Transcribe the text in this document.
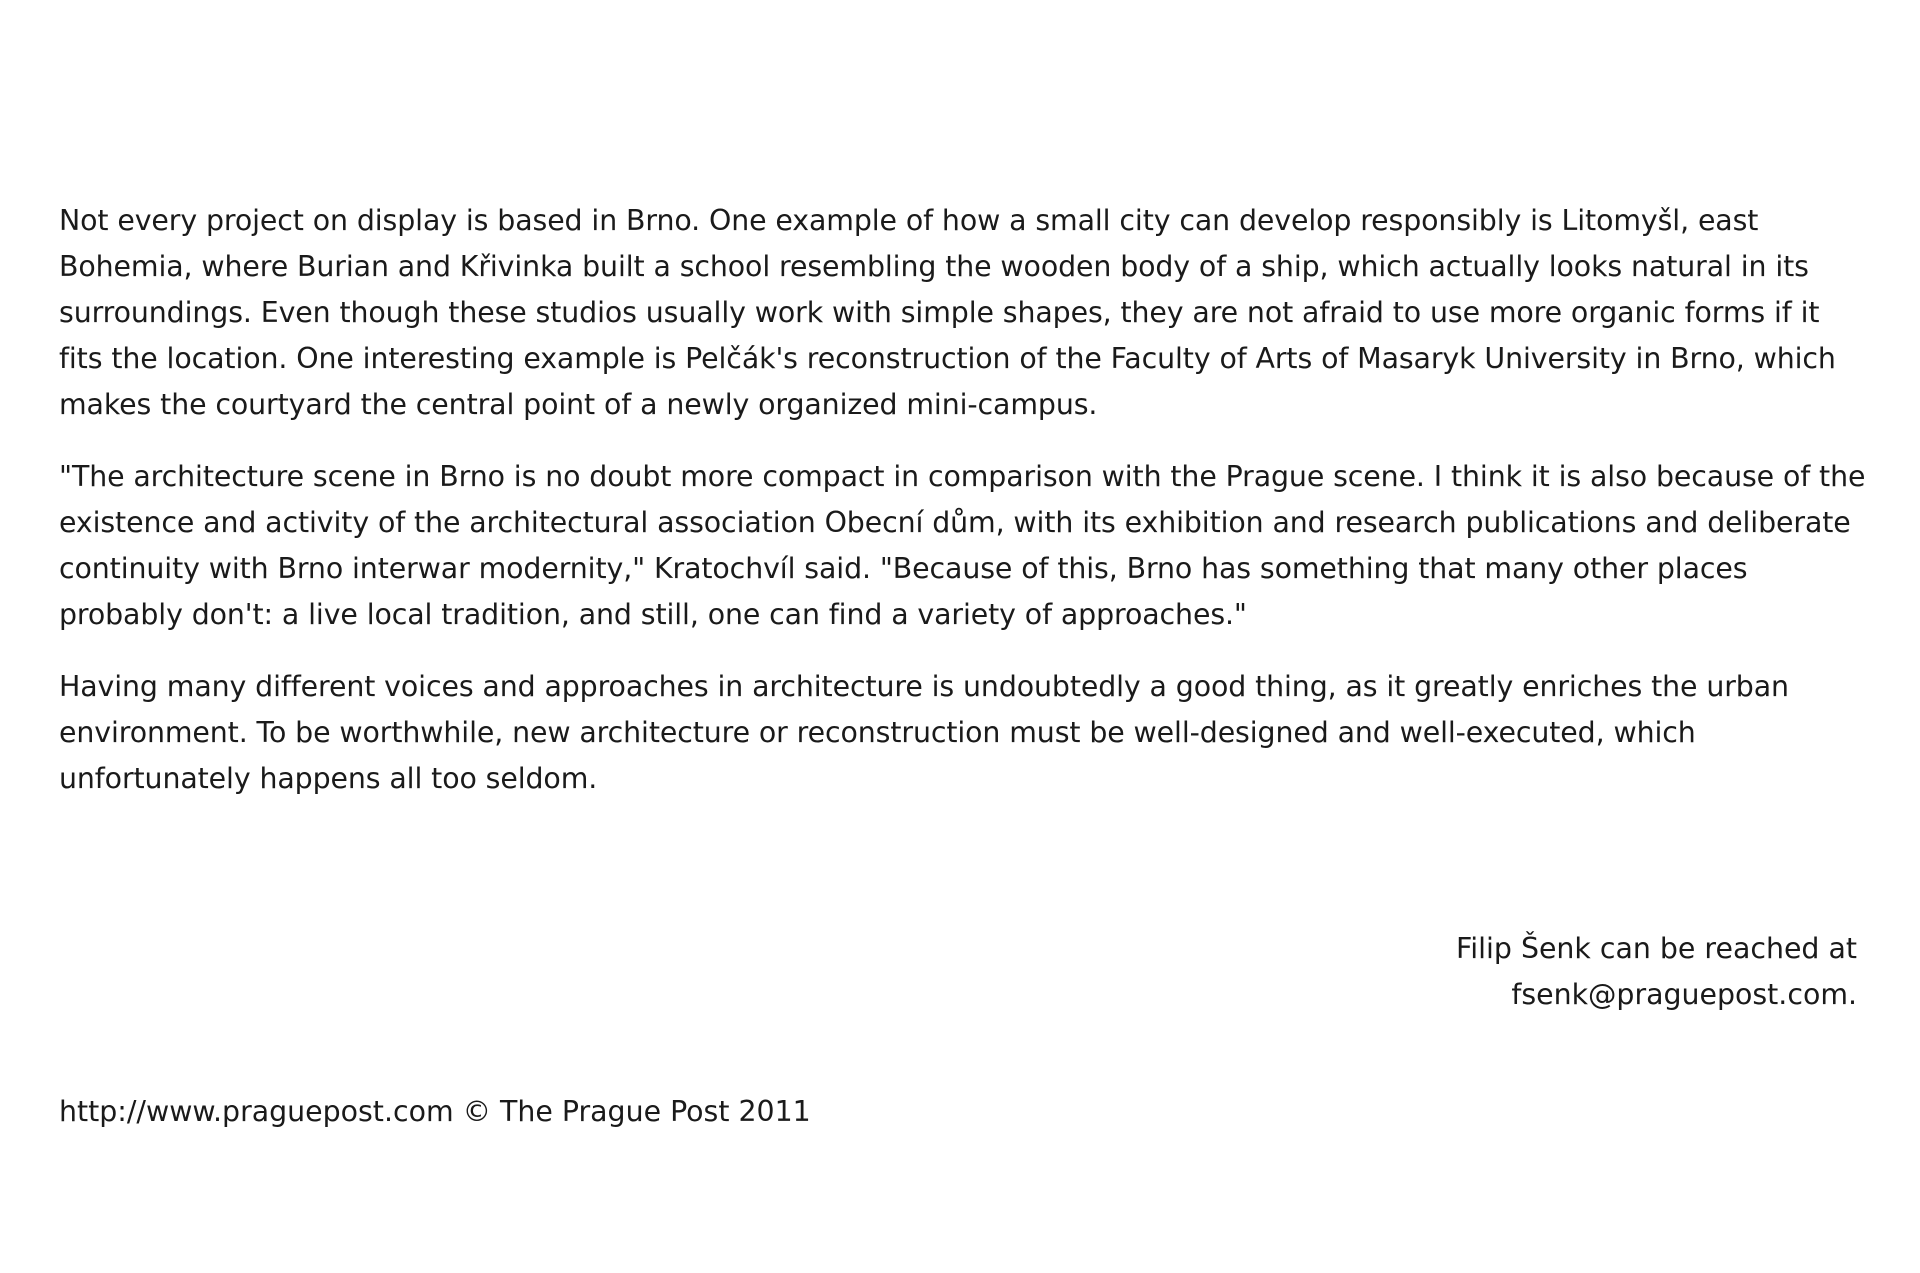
Not every project on display is based in Brno. One example of how a small city can develop responsibly is Litomyšl, east Bohemia, where Burian and Křivinka built a school resembling the wooden body of a ship, which actually looks natural in its surroundings. Even though these studios usually work with simple shapes, they are not afraid to use more organic forms if it fits the location. One interesting example is Pelčák's reconstruction of the Faculty of Arts of Masaryk University in Brno, which makes the courtyard the central point of a newly organized mini-campus.

"The architecture scene in Brno is no doubt more compact in comparison with the Prague scene. I think it is also because of the existence and activity of the architectural association Obecní dům, with its exhibition and research publications and deliberate continuity with Brno interwar modernity," Kratochvíl said. "Because of this, Brno has something that many other places probably don't: a live local tradition, and still, one can find a variety of approaches."

Having many different voices and approaches in architecture is undoubtedly a good thing, as it greatly enriches the urban environment. To be worthwhile, new architecture or reconstruction must be well-designed and well-executed, which unfortunately happens all too seldom.

Filip Šenk can be reached at
fsenk@praguepost.com.
http://www.praguepost.com © The Prague Post 2011
